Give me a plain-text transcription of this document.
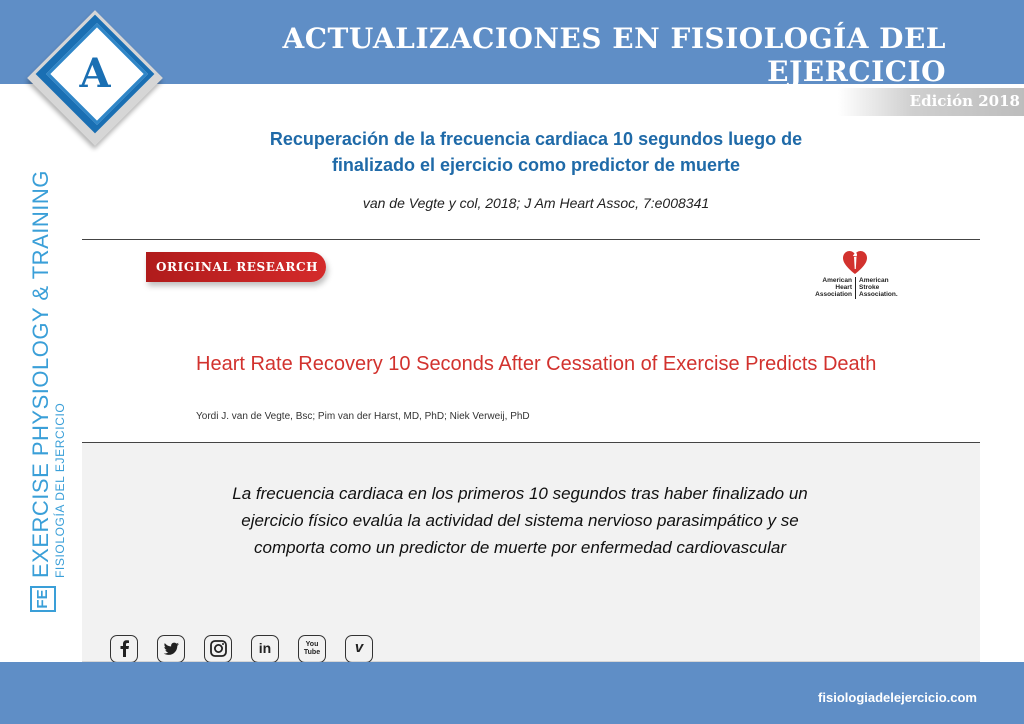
ACTUALIZACIONES EN FISIOLOGÍA DEL EJERCICIO
Edición 2018
A
FE
EXERCISE PHYSIOLOGY & TRAINING FISIOLOGÍA DEL EJERCICIO
Recuperación de la frecuencia cardiaca 10 segundos luego de
finalizado el ejercicio como predictor de muerte
van de Vegte y col, 2018; J Am Heart Assoc, 7:e008341
ORIGINAL RESEARCH
American
Heart
Association
American
Stroke
Association.
Heart Rate Recovery 10 Seconds After Cessation of Exercise Predicts Death
Yordi J. van de Vegte, Bsc; Pim van der Harst, MD, PhD; Niek Verweij, PhD
La frecuencia cardiaca en los primeros 10 segundos tras haber finalizado un
ejercicio físico evalúa la actividad del sistema nervioso parasimpático y se
comporta como un predictor de muerte por enfermedad cardiovascular
in	You
Tube	v
fisiologiadelejercicio.com
